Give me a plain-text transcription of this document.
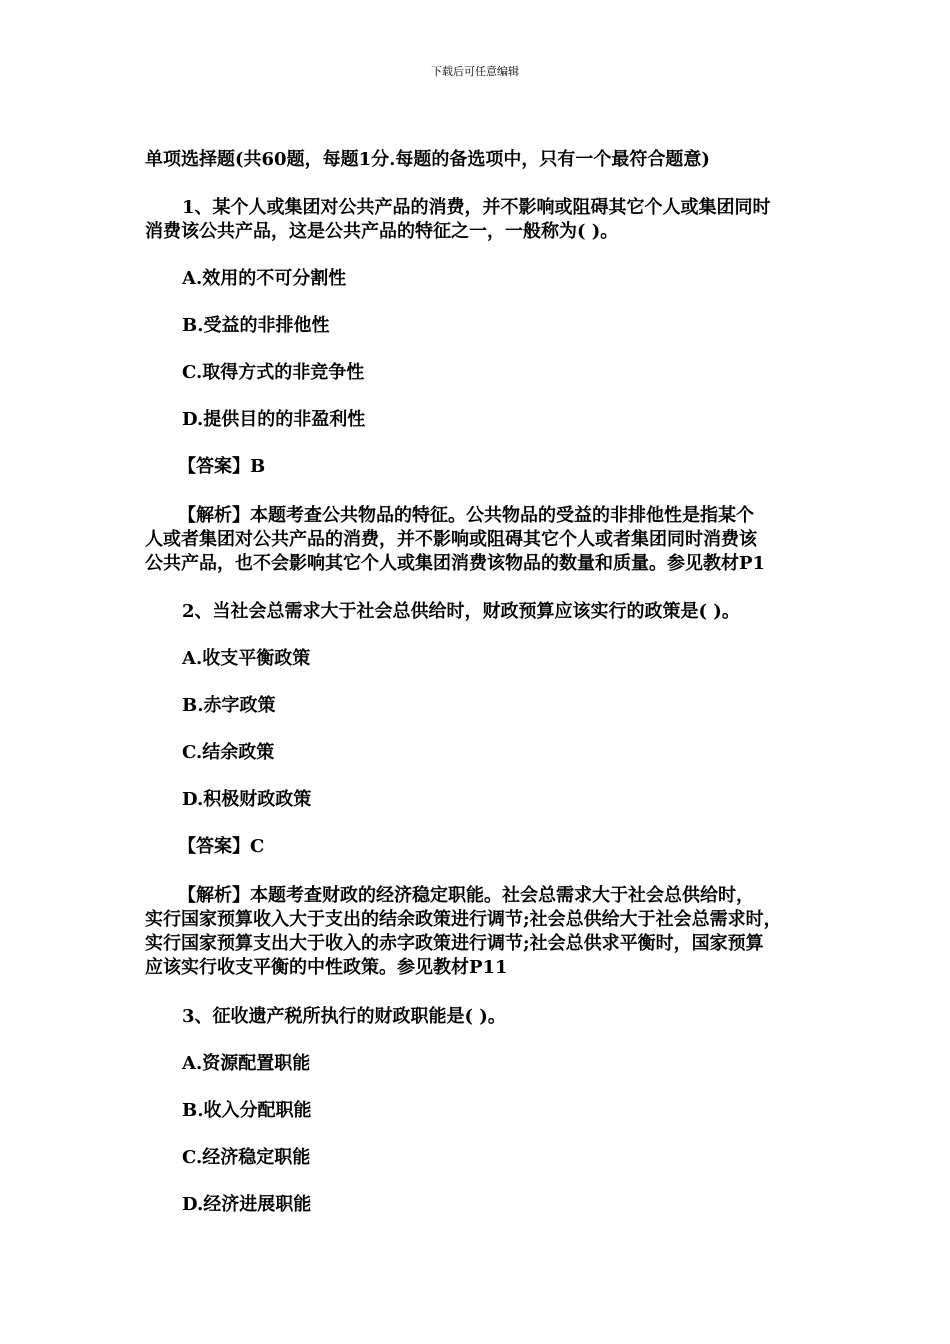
下载后可任意编辑
单项选择题(共60题，每题1分.每题的备选项中，只有一个最符合题意)
1、某个人或集团对公共产品的消费，并不影响或阻碍其它个人或集团同时
消费该公共产品，这是公共产品的特征之一，一般称为( )。
A.效用的不可分割性
B.受益的非排他性
C.取得方式的非竞争性
D.提供目的的非盈利性
【答案】B
【解析】本题考查公共物品的特征。公共物品的受益的非排他性是指某个
人或者集团对公共产品的消费，并不影响或阻碍其它个人或者集团同时消费该
公共产品，也不会影响其它个人或集团消费该物品的数量和质量。参见教材P1
2、当社会总需求大于社会总供给时，财政预算应该实行的政策是( )。
A.收支平衡政策
B.赤字政策
C.结余政策
D.积极财政政策
【答案】C
【解析】本题考查财政的经济稳定职能。社会总需求大于社会总供给时，
实行国家预算收入大于支出的结余政策进行调节;社会总供给大于社会总需求时，
实行国家预算支出大于收入的赤字政策进行调节;社会总供求平衡时，国家预算
应该实行收支平衡的中性政策。参见教材P11
3、征收遗产税所执行的财政职能是( )。
A.资源配置职能
B.收入分配职能
C.经济稳定职能
D.经济进展职能
